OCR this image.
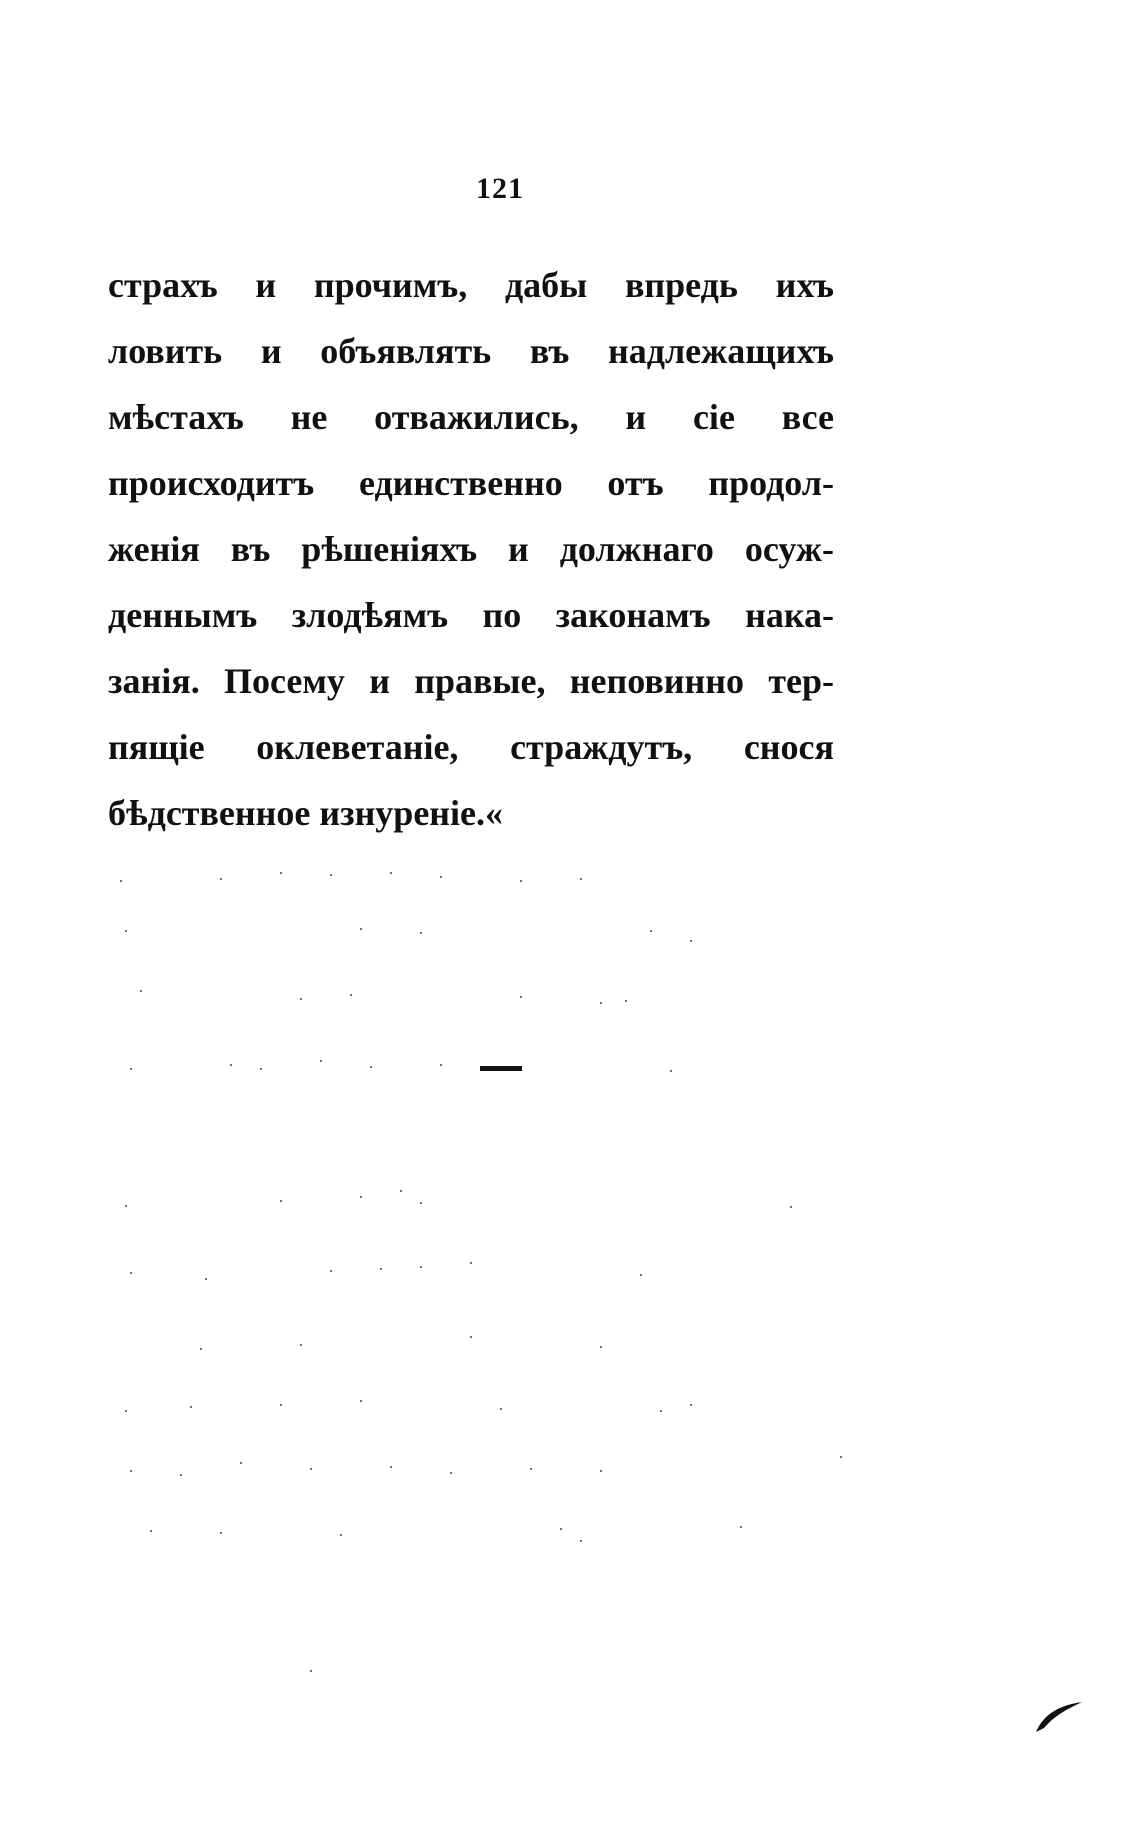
121
страхъ и прочимъ, дабы впредь ихъ
ловить и объявлять въ надлежащихъ
мѣстахъ не отважились, и сіе все
происходитъ единственно отъ продол-
женія въ рѣшеніяхъ и должнаго осуж-
деннымъ злодѣямъ по законамъ нака-
занія. Посему и правые, неповинно тер-
пящіе оклеветаніе, страждутъ, снося
бѣдственное изнуреніе.«
